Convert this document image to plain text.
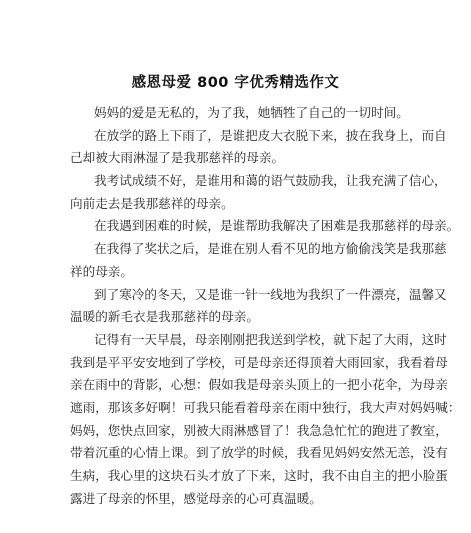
感恩母爱 800 字优秀精选作文
妈妈的爱是无私的，为了我，她牺牲了自己的一切时间。
在放学的路上下雨了，是谁把皮大衣脱下来，披在我身上，而自
己却被大雨淋湿了是我那慈祥的母亲。
我考试成绩不好，是谁用和蔼的语气鼓励我，让我充满了信心，
向前走去是我那慈祥的母亲。
在我遇到困难的时候，是谁帮助我解决了困难是我那慈祥的母亲。
在我得了奖状之后，是谁在别人看不见的地方偷偷浅笑是我那慈
祥的母亲。
到了寒冷的冬天，又是谁一针一线地为我织了一件漂亮，温馨又
温暖的新毛衣是我那慈祥的母亲。
记得有一天早晨，母亲刚刚把我送到学校，就下起了大雨，这时
我到是平平安安地到了学校，可是母亲还得顶着大雨回家，我看着母
亲在雨中的背影，心想：假如我是母亲头顶上的一把小花伞，为母亲
遮雨，那该多好啊！可我只能看着母亲在雨中独行，我大声对妈妈喊：
妈妈，您快点回家，别被大雨淋感冒了！我急急忙忙的跑进了教室，
带着沉重的心情上课。到了放学的时候，我看见妈妈安然无恙，没有
生病，我心里的这块石头才放了下来，这时，我不由自主的把小脸蛋
露进了母亲的怀里，感觉母亲的心可真温暖。
